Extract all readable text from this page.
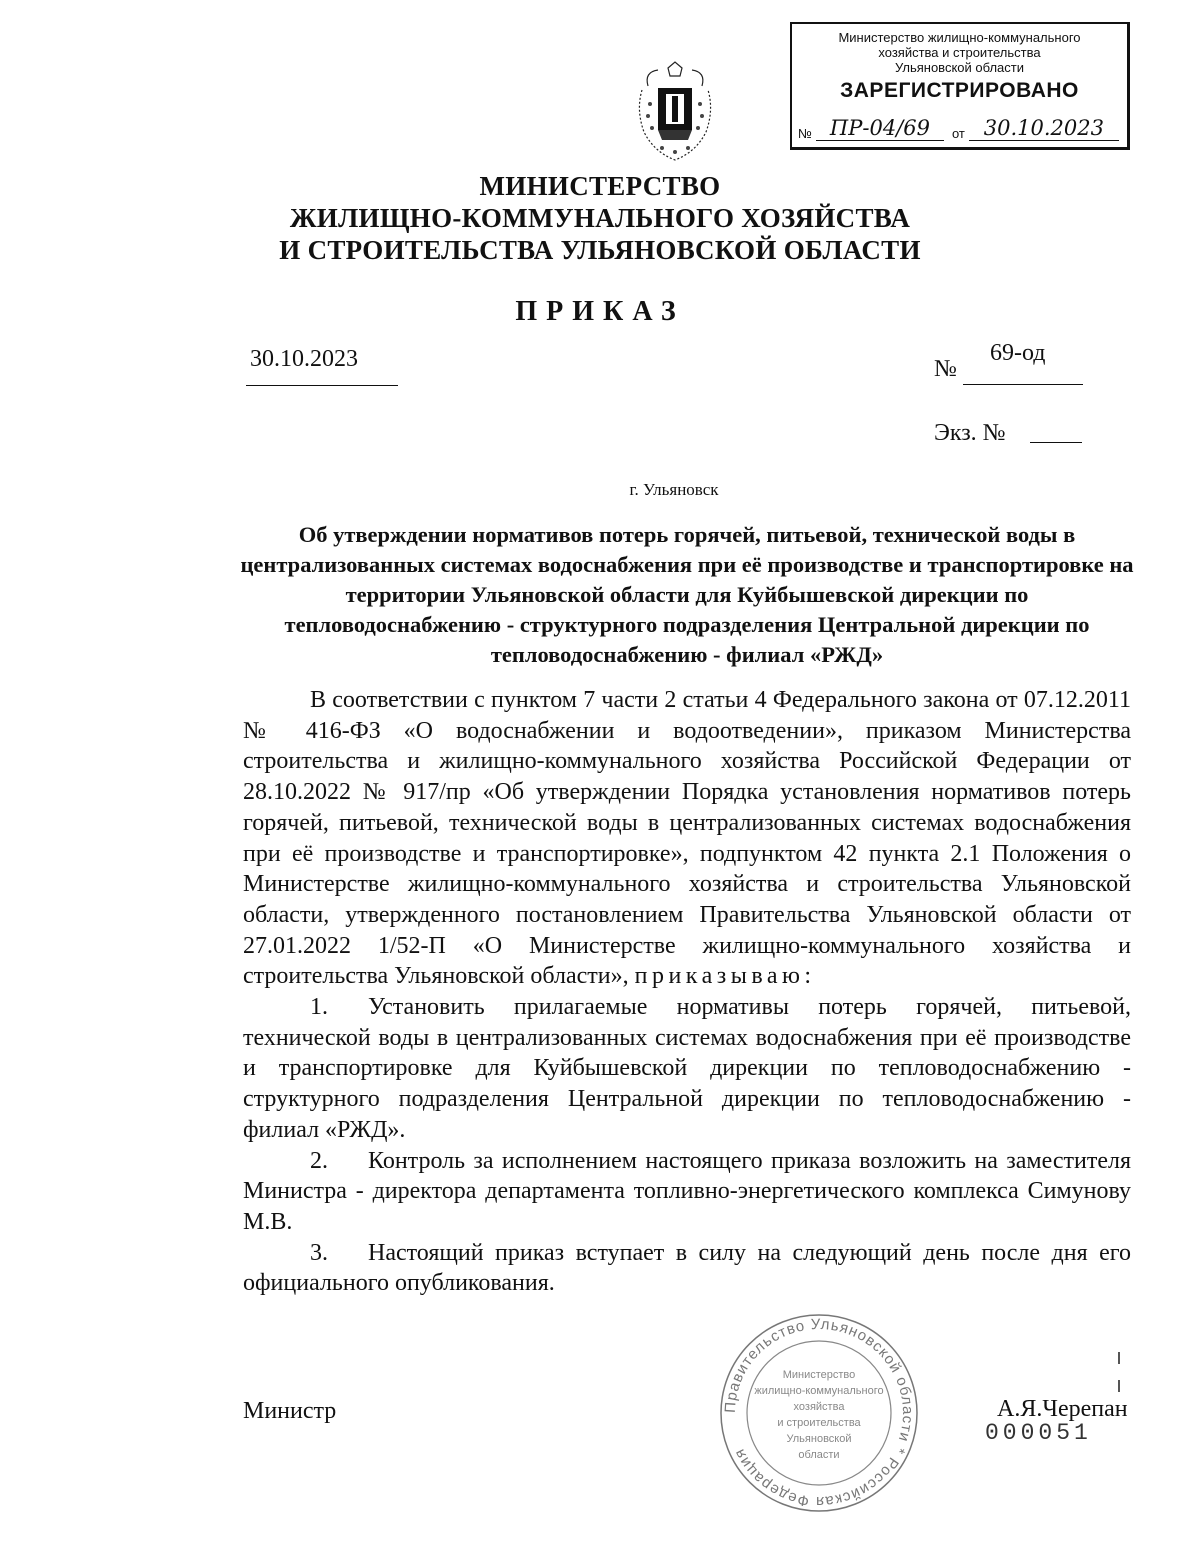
Министерство жилищно-коммунального
хозяйства и строительства
Ульяновской области
ЗАРЕГИСТРИРОВАНО
№ ПР-04/69	от 30.10.2023
МИНИСТЕРСТВО
ЖИЛИЩНО-КОММУНАЛЬНОГО ХОЗЯЙСТВА
И СТРОИТЕЛЬСТВА УЛЬЯНОВСКОЙ ОБЛАСТИ
ПРИКАЗ
30.10.2023	№
69-од
Экз. №
г. Ульяновск
Об утверждении нормативов потерь горячей, питьевой, технической воды в централизованных системах водоснабжения при её производстве и транспортировке на территории Ульяновской области для Куйбышевской дирекции по тепловодоснабжению - структурного подразделения Центральной дирекции по тепловодоснабжению - филиал «РЖД»

В соответствии с пунктом 7 части 2 статьи 4 Федерального закона от 07.12.2011 № 416-ФЗ «О водоснабжении и водоотведении», приказом Министерства строительства и жилищно-коммунального хозяйства Российской Федерации от 28.10.2022 № 917/пр «Об утверждении Порядка установления нормативов потерь горячей, питьевой, технической воды в централизованных системах водоснабжения при её производстве и транспортировке», подпунктом 42 пункта 2.1 Положения о Министерстве жилищно-коммунального хозяйства и строительства Ульяновской области, утвержденного постановлением Правительства Ульяновской области от 27.01.2022 1/52-П «О Министерстве жилищно-коммунального хозяйства и строительства Ульяновской области», приказываю:

1. Установить прилагаемые нормативы потерь горячей, питьевой, технической воды в централизованных системах водоснабжения при её производстве и транспортировке для Куйбышевской дирекции по тепловодоснабжению - структурного подразделения Центральной дирекции по тепловодоснабжению - филиал «РЖД».

2. Контроль за исполнением настоящего приказа возложить на заместителя Министра - директора департамента топливно-энергетического комплекса Симунову М.В.

3. Настоящий приказ вступает в силу на следующий день после дня его официального опубликования.

Министр	Правительство Ульяновской области * Российская Федерация
Министерство
жилищно-коммунального
хозяйства
и строительства
Ульяновской
области
А.Я.Черепан
000051
